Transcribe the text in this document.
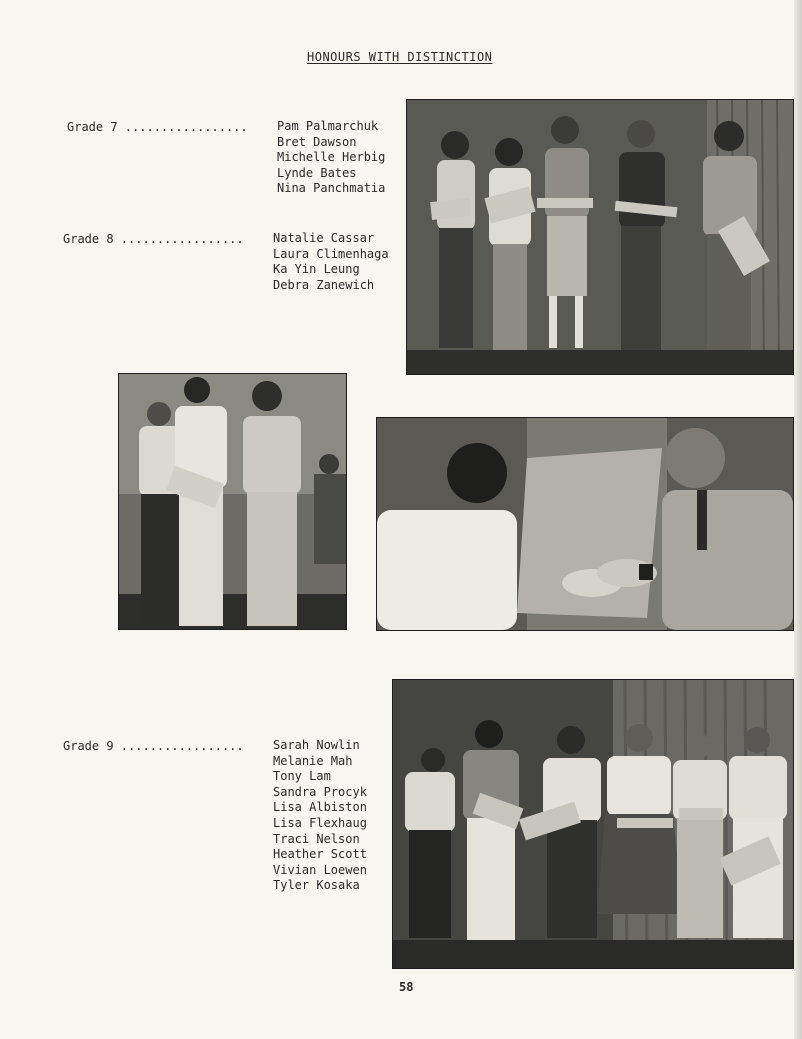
HONOURS WITH DISTINCTION
Grade 7 ................. Pam Palmarchuk
Bret Dawson
Michelle Herbig
Lynde Bates
Nina Panchmatia
Grade 8 ................. Natalie Cassar
Laura Climenhaga
Ka Yin Leung
Debra Zanewich
Grade 9 ................. Sarah Nowlin
Melanie Mah
Tony Lam
Sandra Procyk
Lisa Albiston
Lisa Flexhaug
Traci Nelson
Heather Scott
Vivian Loewen
Tyler Kosaka
58
